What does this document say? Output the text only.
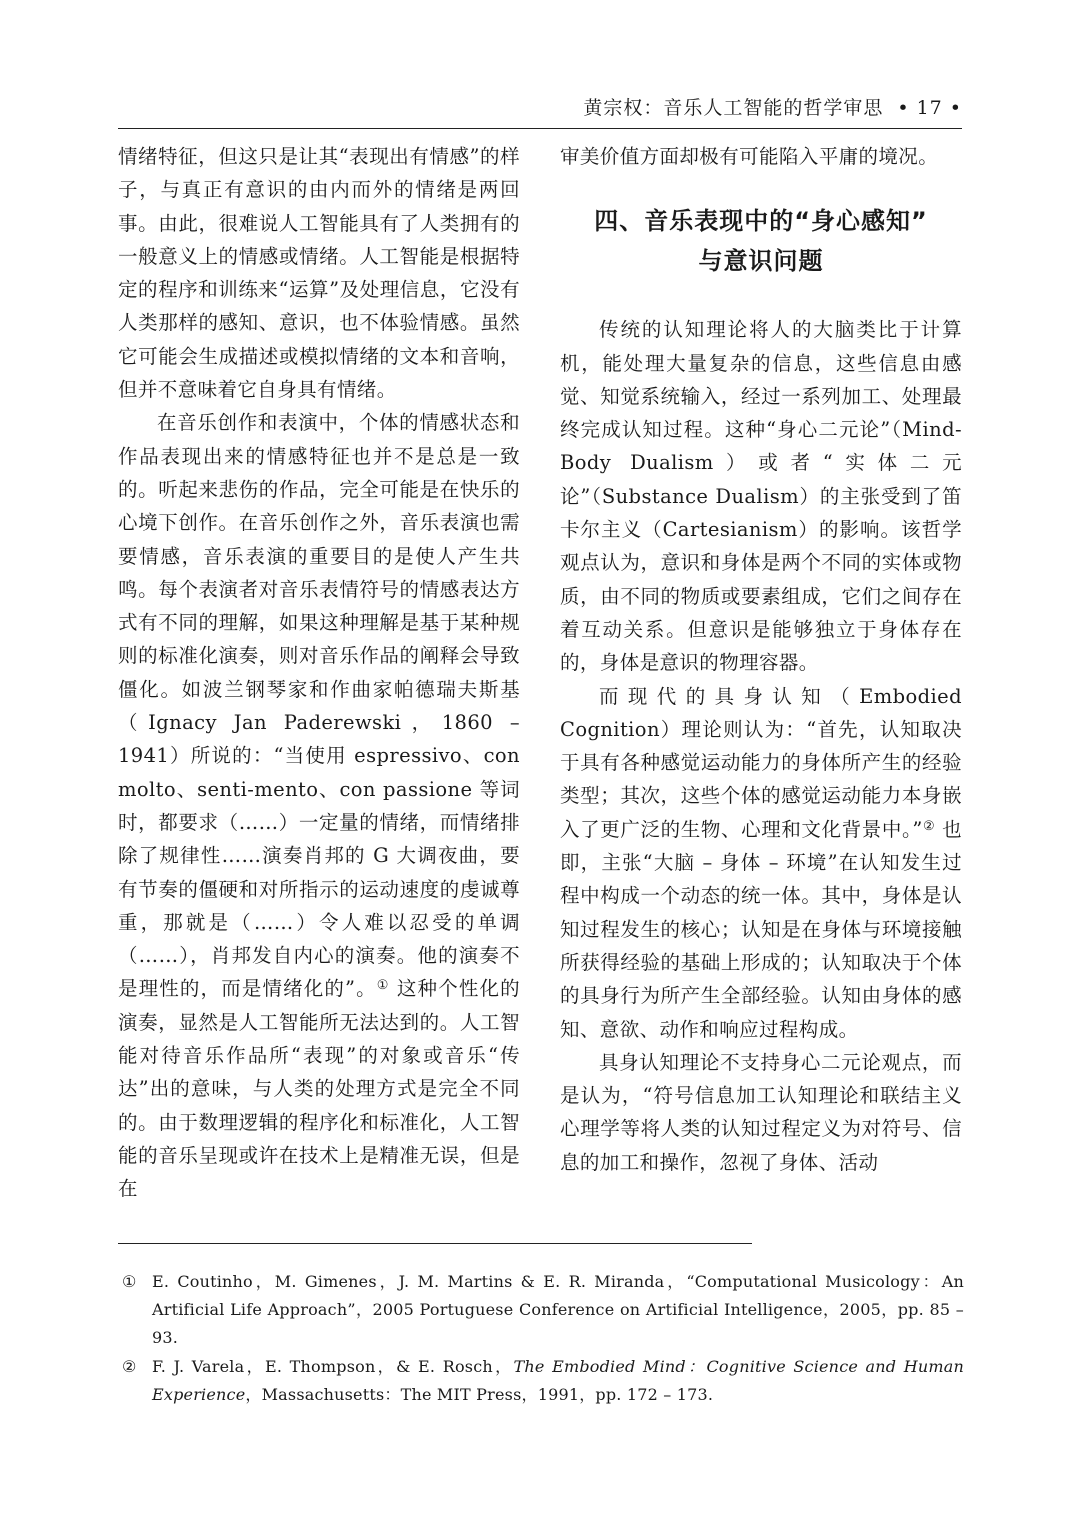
黄宗权：音乐人工智能的哲学审思 • 17 •

情绪特征，但这只是让其“表现出有情感”的样子，与真正有意识的由内而外的情绪是两回事。由此，很难说人工智能具有了人类拥有的一般意义上的情感或情绪。人工智能是根据特定的程序和训练来“运算”及处理信息，它没有人类那样的感知、意识，也不体验情感。虽然它可能会生成描述或模拟情绪的文本和音响，但并不意味着它自身具有情绪。

在音乐创作和表演中，个体的情感状态和作品表现出来的情感特征也并不是总是一致的。听起来悲伤的作品，完全可能是在快乐的心境下创作。在音乐创作之外，音乐表演也需要情感，音乐表演的重要目的是使人产生共鸣。每个表演者对音乐表情符号的情感表达方式有不同的理解，如果这种理解是基于某种规则的标准化演奏，则对音乐作品的阐释会导致僵化。如波兰钢琴家和作曲家帕德瑞夫斯基（Ignacy Jan Paderewski，1860 – 1941）所说的：“当使用 espressivo、con molto、senti-mento、con passione 等词时，都要求（……）一定量的情绪，而情绪排除了规律性……演奏肖邦的 G 大调夜曲，要有节奏的僵硬和对所指示的运动速度的虔诚尊重，那就是（……）令人难以忍受的单调（……），肖邦发自内心的演奏。他的演奏不是理性的，而是情绪化的”。① 这种个性化的演奏，显然是人工智能所无法达到的。人工智能对待音乐作品所“表现”的对象或音乐“传达”出的意味，与人类的处理方式是完全不同的。由于数理逻辑的程序化和标准化，人工智能的音乐呈现或许在技术上是精准无误，但是在

审美价值方面却极有可能陷入平庸的境况。

四、音乐表现中的“身心感知”
与意识问题

传统的认知理论将人的大脑类比于计算机，能处理大量复杂的信息，这些信息由感觉、知觉系统输入，经过一系列加工、处理最终完成认知过程。这种“身心二元论”（Mind-Body Dualism）或者“实体二元论”（Substance Dualism）的主张受到了笛卡尔主义（Cartesianism）的影响。该哲学观点认为，意识和身体是两个不同的实体或物质，由不同的物质或要素组成，它们之间存在着互动关系。但意识是能够独立于身体存在的，身体是意识的物理容器。

而现代的具身认知（Embodied Cognition）理论则认为：“首先，认知取决于具有各种感觉运动能力的身体所产生的经验类型；其次，这些个体的感觉运动能力本身嵌入了更广泛的生物、心理和文化背景中。”② 也即，主张“大脑 – 身体 – 环境”在认知发生过程中构成一个动态的统一体。其中，身体是认知过程发生的核心；认知是在身体与环境接触所获得经验的基础上形成的；认知取决于个体的具身行为所产生全部经验。认知由身体的感知、意欲、动作和响应过程构成。

具身认知理论不支持身心二元论观点，而是认为，“符号信息加工认知理论和联结主义心理学等将人类的认知过程定义为对符号、信息的加工和操作，忽视了身体、活动

① E. Coutinho，M. Gimenes，J. M. Martins & E. R. Miranda，“Computational Musicology：An Artificial Life Approach”，2005 Portuguese Conference on Artificial Intelligence，2005，pp. 85 – 93.
② F. J. Varela，E. Thompson，& E. Rosch，The Embodied Mind：Cognitive Science and Human Experience，Massachusetts：The MIT Press，1991，pp. 172 – 173.
